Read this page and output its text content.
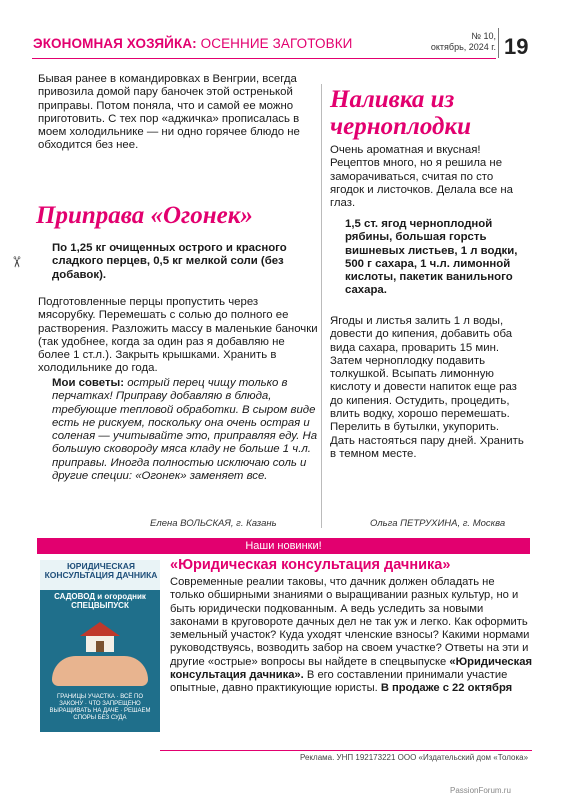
ЭКОНОМНАЯ ХОЗЯЙКА: ОСЕННИЕ ЗАГОТОВКИ	№ 10,
октябрь, 2024 г. 19
✂
Бывая ранее в командировках в Венгрии, всегда привозила домой пару баночек этой остренькой приправы. Потом поняла, что и самой ее можно приготовить. С тех пор «аджичка» прописалась в моем холодильнике — ни одно горячее блюдо не обходится без нее.
Приправа «Огонек»
По 1,25 кг очищенных острого и красного сладкого перцев, 0,5 кг мелкой соли (без добавок).
Подготовленные перцы пропустить через мясорубку. Перемешать с солью до полного ее растворения. Разложить массу в маленькие баночки (так удобнее, когда за один раз я добавляю не более 1 ст.л.). Закрыть крышками. Хранить в холодильнике до года.
Мои советы: острый перец чищу только в перчатках! Приправу добавляю в блюда, требующие тепловой обработки. В сыром виде есть не рискуем, поскольку она очень острая и соленая — учитывайте это, приправляя еду. На большую сковороду мяса кладу не больше 1 ч.л. приправы. Иногда полностью исключаю соль и другие специи: «Огонек» заменяет все.
Елена ВОЛЬСКАЯ, г. Казань
Наливка из черноплодки
Очень ароматная и вкусная! Рецептов много, но я решила не заморачиваться, считая по сто ягодок и листочков. Делала все на глаз.
1,5 ст. ягод черноплодной рябины, большая горсть вишневых листьев, 1 л водки, 500 г сахара, 1 ч.л. лимонной кислоты, пакетик ванильного сахара.
Ягоды и листья залить 1 л воды, довести до кипения, добавить оба вида сахара, проварить 15 мин. Затем черноплодку подавить толкушкой. Всыпать лимонную кислоту и довести напиток еще раз до кипения. Остудить, процедить, влить водку, хорошо перемешать. Перелить в бутылки, укупорить. Дать настояться пару дней. Хранить в темном месте.
Ольга ПЕТРУХИНА, г. Москва
Наши новинки!
ЮРИДИЧЕСКАЯ КОНСУЛЬТАЦИЯ ДАЧНИКА
САДОВОД и огородник СПЕЦВЫПУСК
ГРАНИЦЫ УЧАСТКА · ВСЁ ПО ЗАКОНУ · ЧТО ЗАПРЕЩЕНО ВЫРАЩИВАТЬ НА ДАЧЕ · РЕШАЕМ СПОРЫ БЕЗ СУДА
«Юридическая консультация дачника»
Современные реалии таковы, что дачник должен обладать не только обширными знаниями о выращивании разных культур, но и быть юридически подкованным. А ведь уследить за новыми законами в круговороте дачных дел не так уж и легко. Как оформить земельный участок? Куда уходят членские взносы? Какими нормами руководствуясь, возводить забор на своем участке? Ответы на эти и другие «острые» вопросы вы найдете в спецвыпуске «Юридическая консультация дачника». В его составлении принимали участие опытные, давно практикующие юристы. В продаже с 22 октября
Реклама. УНП 192173221 ООО «Издательский дом «Толока»
PassionForum.ru
